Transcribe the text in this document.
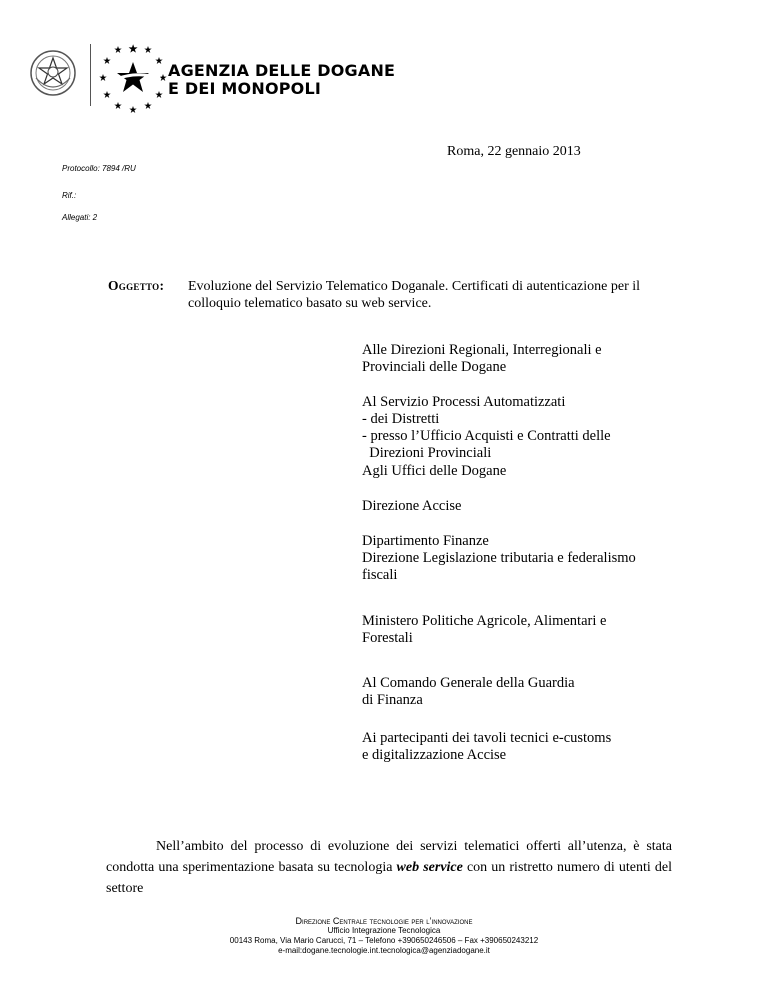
AGENZIA DELLE DOGANE
E DEI MONOPOLI
Roma, 22 gennaio 2013
Protocollo: 7894 /RU
Rif.:
Allegati: 2
Oggetto: Evoluzione del Servizio Telematico Doganale. Certificati di autenticazione per il
colloquio telematico basato su web service.
Alle Direzioni Regionali, Interregionali e
Provinciali delle Dogane
Al Servizio Processi Automatizzati
- dei Distretti
- presso l’Ufficio Acquisti e Contratti delle
Direzioni Provinciali
Agli Uffici delle Dogane
Direzione Accise
Dipartimento Finanze
Direzione Legislazione tributaria e federalismo
fiscali
Ministero Politiche Agricole, Alimentari e
Forestali
Al Comando Generale della Guardia
di Finanza
Ai partecipanti dei tavoli tecnici e-customs
e digitalizzazione Accise
Nell’ambito del processo di evoluzione dei servizi telematici offerti all’utenza, è stata condotta una sperimentazione basata su tecnologia web service con un ristretto numero di utenti del settore
Direzione Centrale tecnologie per l’innovazione
Ufficio Integrazione Tecnologica
00143 Roma, Via Mario Carucci, 71 – Telefono +390650246506 – Fax +390650243212
e-mail:dogane.tecnologie.int.tecnologica@agenziadogane.it
